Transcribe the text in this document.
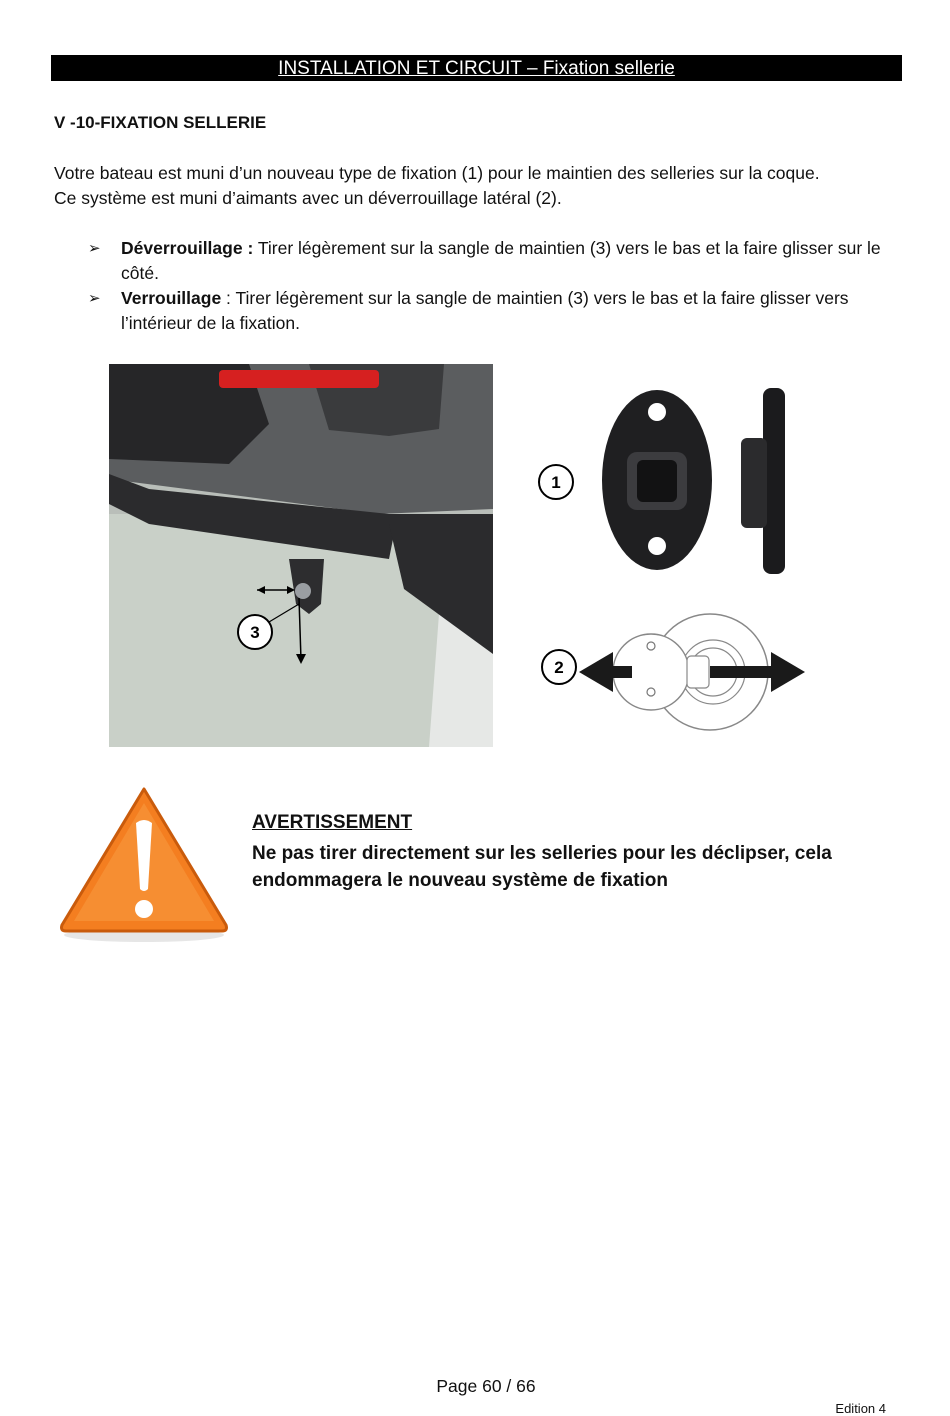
INSTALLATION ET CIRCUIT – Fixation sellerie
V -10-FIXATION SELLERIE
Votre bateau est muni d’un nouveau type de fixation (1) pour le maintien des selleries sur la coque.
Ce système est muni d’aimants avec un déverrouillage latéral (2).
➢ Déverrouillage : Tirer légèrement sur la sangle de maintien (3) vers le bas et la faire glisser sur le côté.
➢ Verrouillage : Tirer légèrement sur la sangle de maintien (3) vers le bas et la faire glisser vers l’intérieur de la fixation.
3
1
2
AVERTISSEMENT
Ne pas tirer directement sur les selleries pour les déclipser, cela endommagera le nouveau système de fixation
Page 60 / 66
Edition 4
